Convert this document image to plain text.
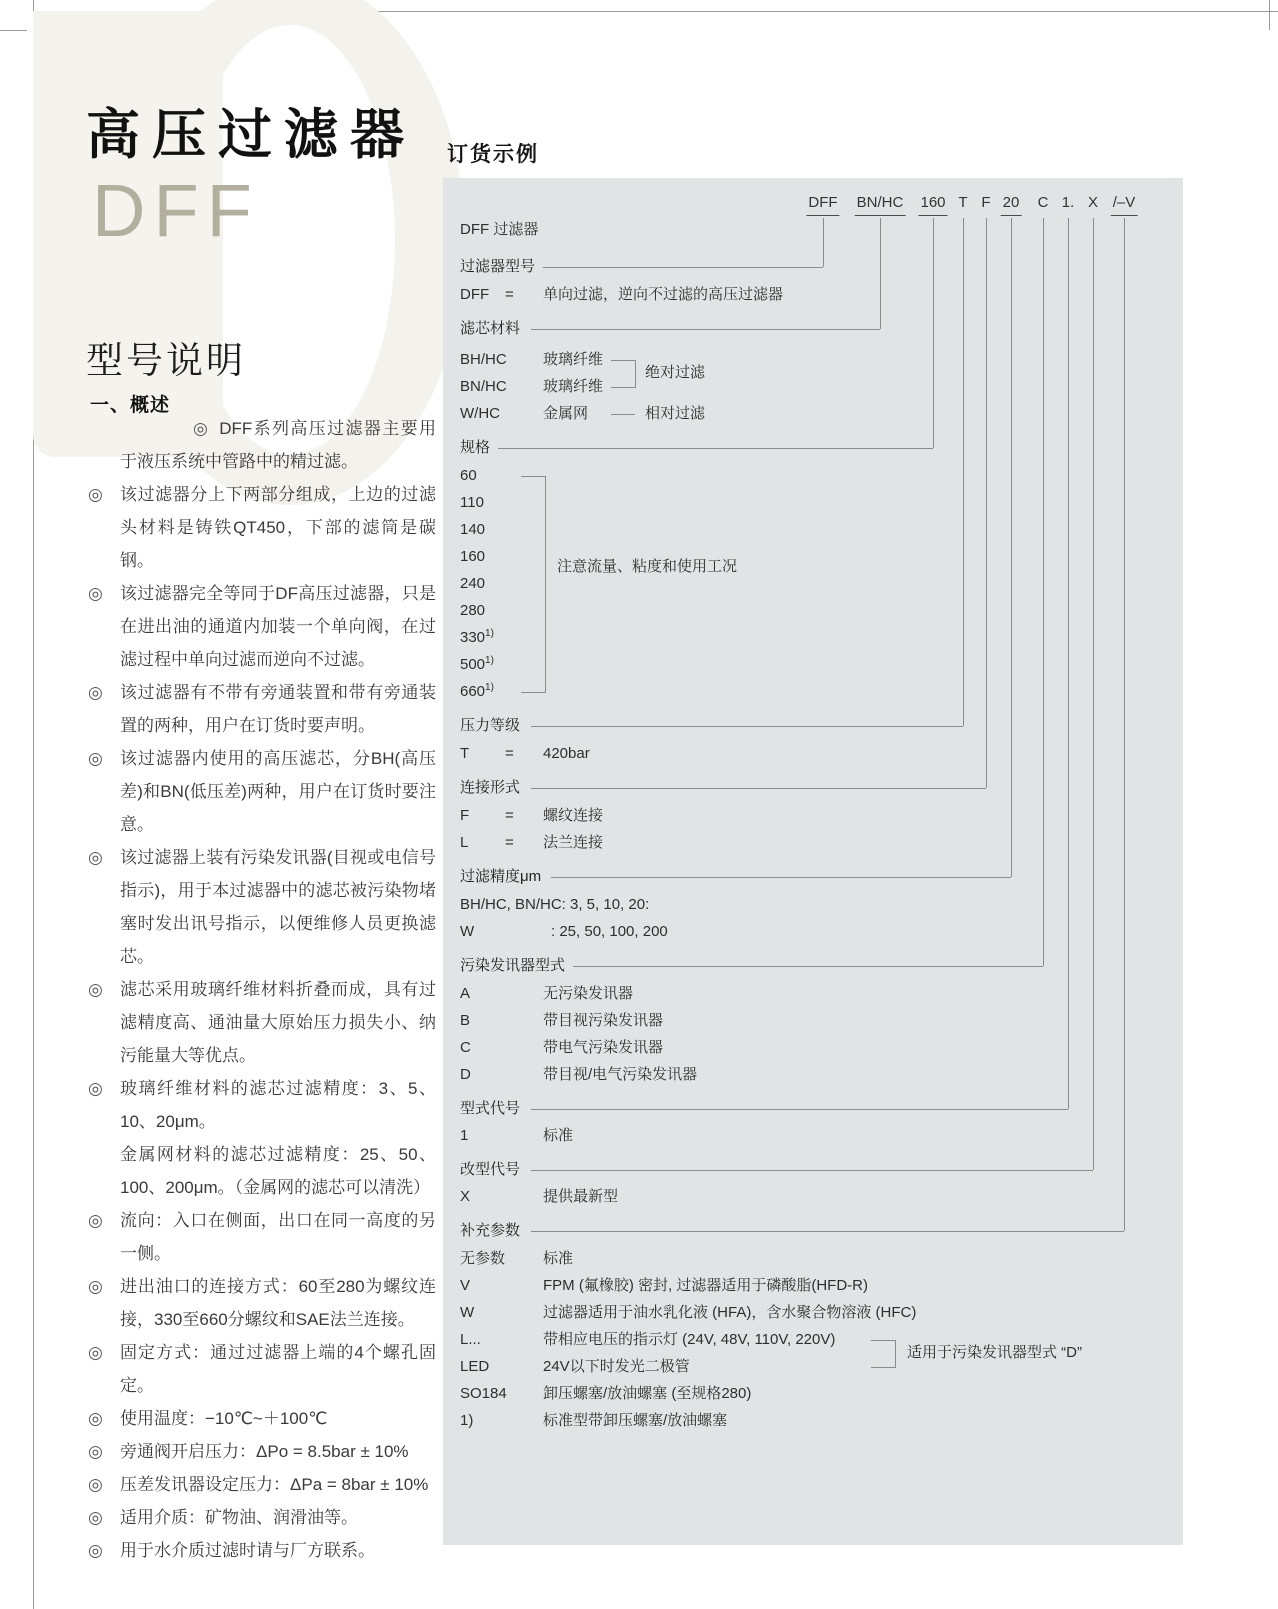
高压过滤器
DFF
型号说明
一、概述
◎ DFF系列高压过滤器主要用于液压系统中管路中的精过滤。
◎ 该过滤器分上下两部分组成，上边的过滤头材料是铸铁QT450，下部的滤筒是碳钢。
◎ 该过滤器完全等同于DF高压过滤器，只是在进出油的通道内加装一个单向阀，在过滤过程中单向过滤而逆向不过滤。
◎ 该过滤器有不带有旁通装置和带有旁通装置的两种，用户在订货时要声明。
◎ 该过滤器内使用的高压滤芯，分BH(高压差)和BN(低压差)两种，用户在订货时要注意。
◎ 该过滤器上装有污染发讯器(目视或电信号指示)，用于本过滤器中的滤芯被污染物堵塞时发出讯号指示，以便维修人员更换滤芯。
◎ 滤芯采用玻璃纤维材料折叠而成，具有过滤精度高、通油量大原始压力损失小、纳污能量大等优点。
◎ 玻璃纤维材料的滤芯过滤精度：3、5、10、20μm。
金属网材料的滤芯过滤精度：25、50、100、200μm。（金属网的滤芯可以清洗）
◎ 流向：入口在侧面，出口在同一高度的另一侧。
◎ 进出油口的连接方式：60至280为螺纹连接，330至660分螺纹和SAE法兰连接。
◎ 固定方式：通过过滤器上端的4个螺孔固定。
◎ 使用温度：−10℃~＋100℃
◎ 旁通阀开启压力：ΔPo = 8.5bar ± 10%
◎ 压差发讯器设定压力：ΔPa = 8bar ± 10%
◎ 适用介质：矿物油、润滑油等。
◎ 用于水介质过滤时请与厂方联系。
订货示例
DFF BN/HC 160 T F 20 C 1. X /–V
DFF 过滤器
过滤器型号
DFF = 单向过滤，逆向不过滤的高压过滤器
滤芯材料
BH/HC 玻璃纤维
BN/HC 玻璃纤维
W/HC	金属网
绝对过滤
相对过滤
规格
60
110
140
160
240
280
330$^{1)}$
500$^{1)}$
660$^{1)}$
注意流量、粘度和使用工况
压力等级
T = 420bar
连接形式
F = 螺纹连接
L = 法兰连接
过滤精度μm
BH/HC, BN/HC: 3, 5, 10, 20:
W	: 25, 50, 100, 200
污染发讯器型式
A	无污染发讯器
B	带目视污染发讯器
C	带电气污染发讯器
D	带目视/电气污染发讯器
型式代号
1	标准
改型代号
X	提供最新型
补充参数
无参数	标准
V	FPM (氟橡胶) 密封, 过滤器适用于磷酸脂(HFD-R)
W	过滤器适用于油水乳化液 (HFA)，含水聚合物溶液 (HFC)
L...	带相应电压的指示灯 (24V, 48V, 110V, 220V)
LED	24V以下时发光二极管
SO184 卸压螺塞/放油螺塞 (至规格280)
1)	标准型带卸压螺塞/放油螺塞
适用于污染发讯器型式 “D”
